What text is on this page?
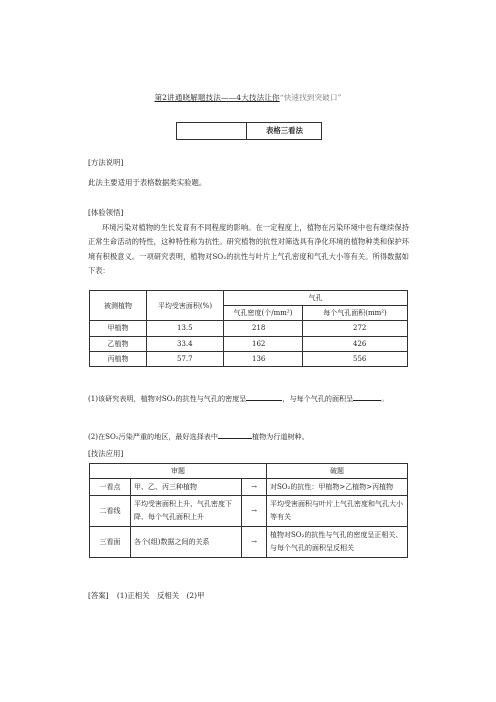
第2讲通晓解题技法——4大技法让你“快速找到突破口”
表格三看法
[方法说明]
此法主要适用于表格数据类实验题。
[体验领悟]
环境污染对植物的生长发育有不同程度的影响。在一定程度上，植物在污染环境中也有继续保持正常生命活动的特性，这种特性称为抗性。研究植物的抗性对筛选具有净化环境的植物种类和保护环境有积极意义。一项研究表明，植物对SO₂的抗性与叶片上气孔密度和气孔大小等有关。所得数据如下表：
被测植物	平均受害面积(%)	气孔	
		气孔密度(个/mm²)	每个气孔面积(mm²)
甲植物	13.5	218	272
乙植物	33.4	162	426
丙植物	57.7	136	556
(1)该研究表明，植物对SO₂的抗性与气孔的密度呈	，与每个气孔的面积呈	。
(2)在SO₂污染严重的地区，最好选择表中	植物为行道树种。
[技法应用]
审题			破题
一看点	甲、乙、丙三种植物	→	对SO₂的抗性：甲植物>乙植物>丙植物
二看线	平均受害面积上升、气孔密度下降、每个气孔面积上升	→	平均受害面积与叶片上气孔密度和气孔大小等有关
三看面	各个(组)数据之间的关系	→	植物对SO₂的抗性与气孔的密度呈正相关、与每个气孔的面积呈反相关
[答案] (1)正相关　反相关　(2)甲
